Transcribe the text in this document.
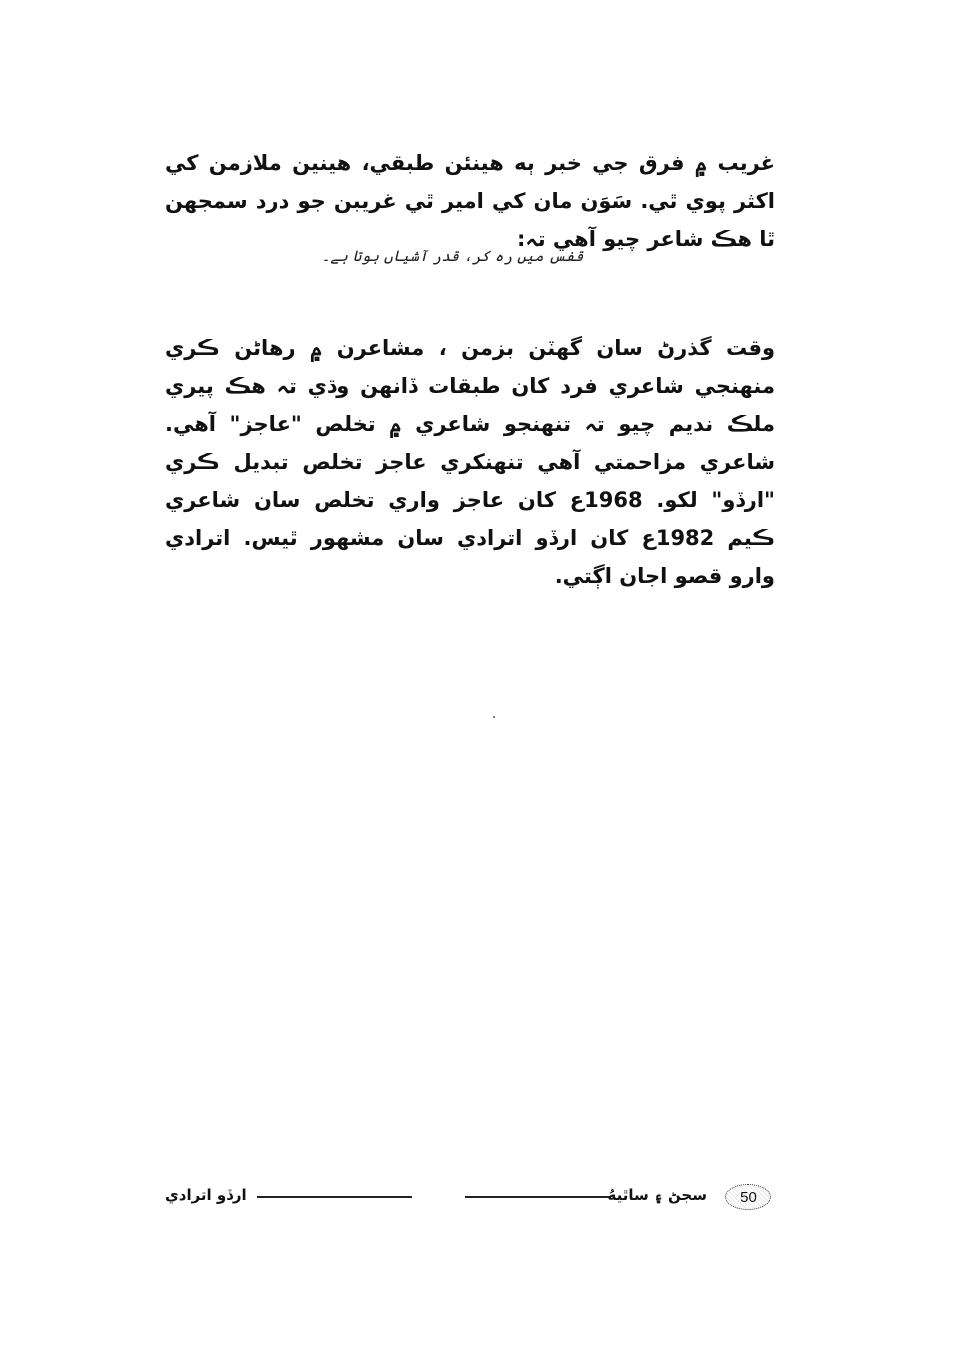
غريب ۾ فرق جي خبر ٻه هينئن طبقي، هينين ملازمن کي اکثر پوي ٿي. سَوَن مان کي امير ٿي غريبن جو درد سمجھن ٿا هڪ شاعر چيو آهي تہ:

قفس میں رہ کر، قدر آشیاں ہوتا ہے۔

وقت گذرڻ سان گھٽن بزمن ، مشاعرن ۾ رهاڻن ڪري منهنجي شاعري فرد کان طبقات ڏانهن وڌي تہ هڪ پيري ملڪ نديم چيو تہ تنهنجو شاعري ۾ تخلص "عاجز" آهي. شاعري مزاحمتي آهي تنهنکري عاجز تخلص تبديل ڪري "ارڏو" لکو. 1968ع کان عاجز واري تخلص سان شاعري ڪيم 1982ع کان ارڏو اترادي سان مشهور ٿيس. اترادي وارو قصو اجان اڳتي.

ارڏو اترادي	سجڻ ۽ ساٿيهُ	50
